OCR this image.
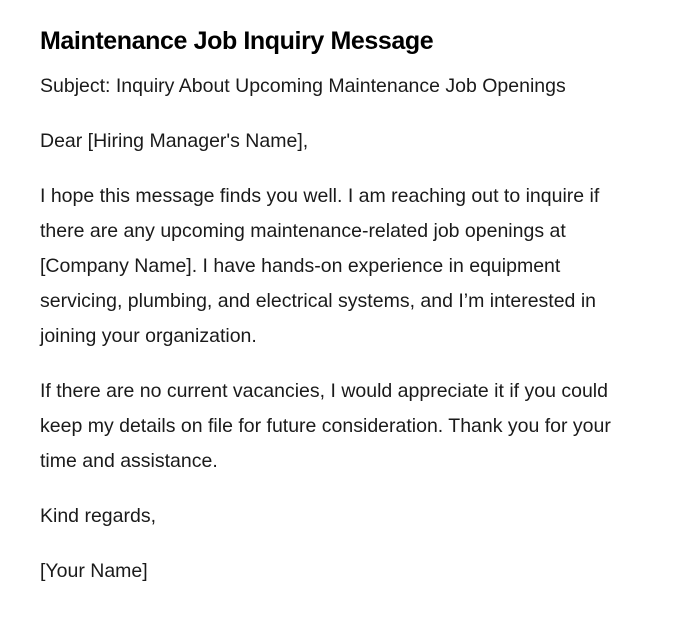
Maintenance Job Inquiry Message

Subject: Inquiry About Upcoming Maintenance Job Openings

Dear [Hiring Manager's Name],

I hope this message finds you well. I am reaching out to inquire if there are any upcoming maintenance-related job openings at [Company Name]. I have hands-on experience in equipment servicing, plumbing, and electrical systems, and I’m interested in joining your organization.

If there are no current vacancies, I would appreciate it if you could keep my details on file for future consideration. Thank you for your time and assistance.

Kind regards,

[Your Name]
